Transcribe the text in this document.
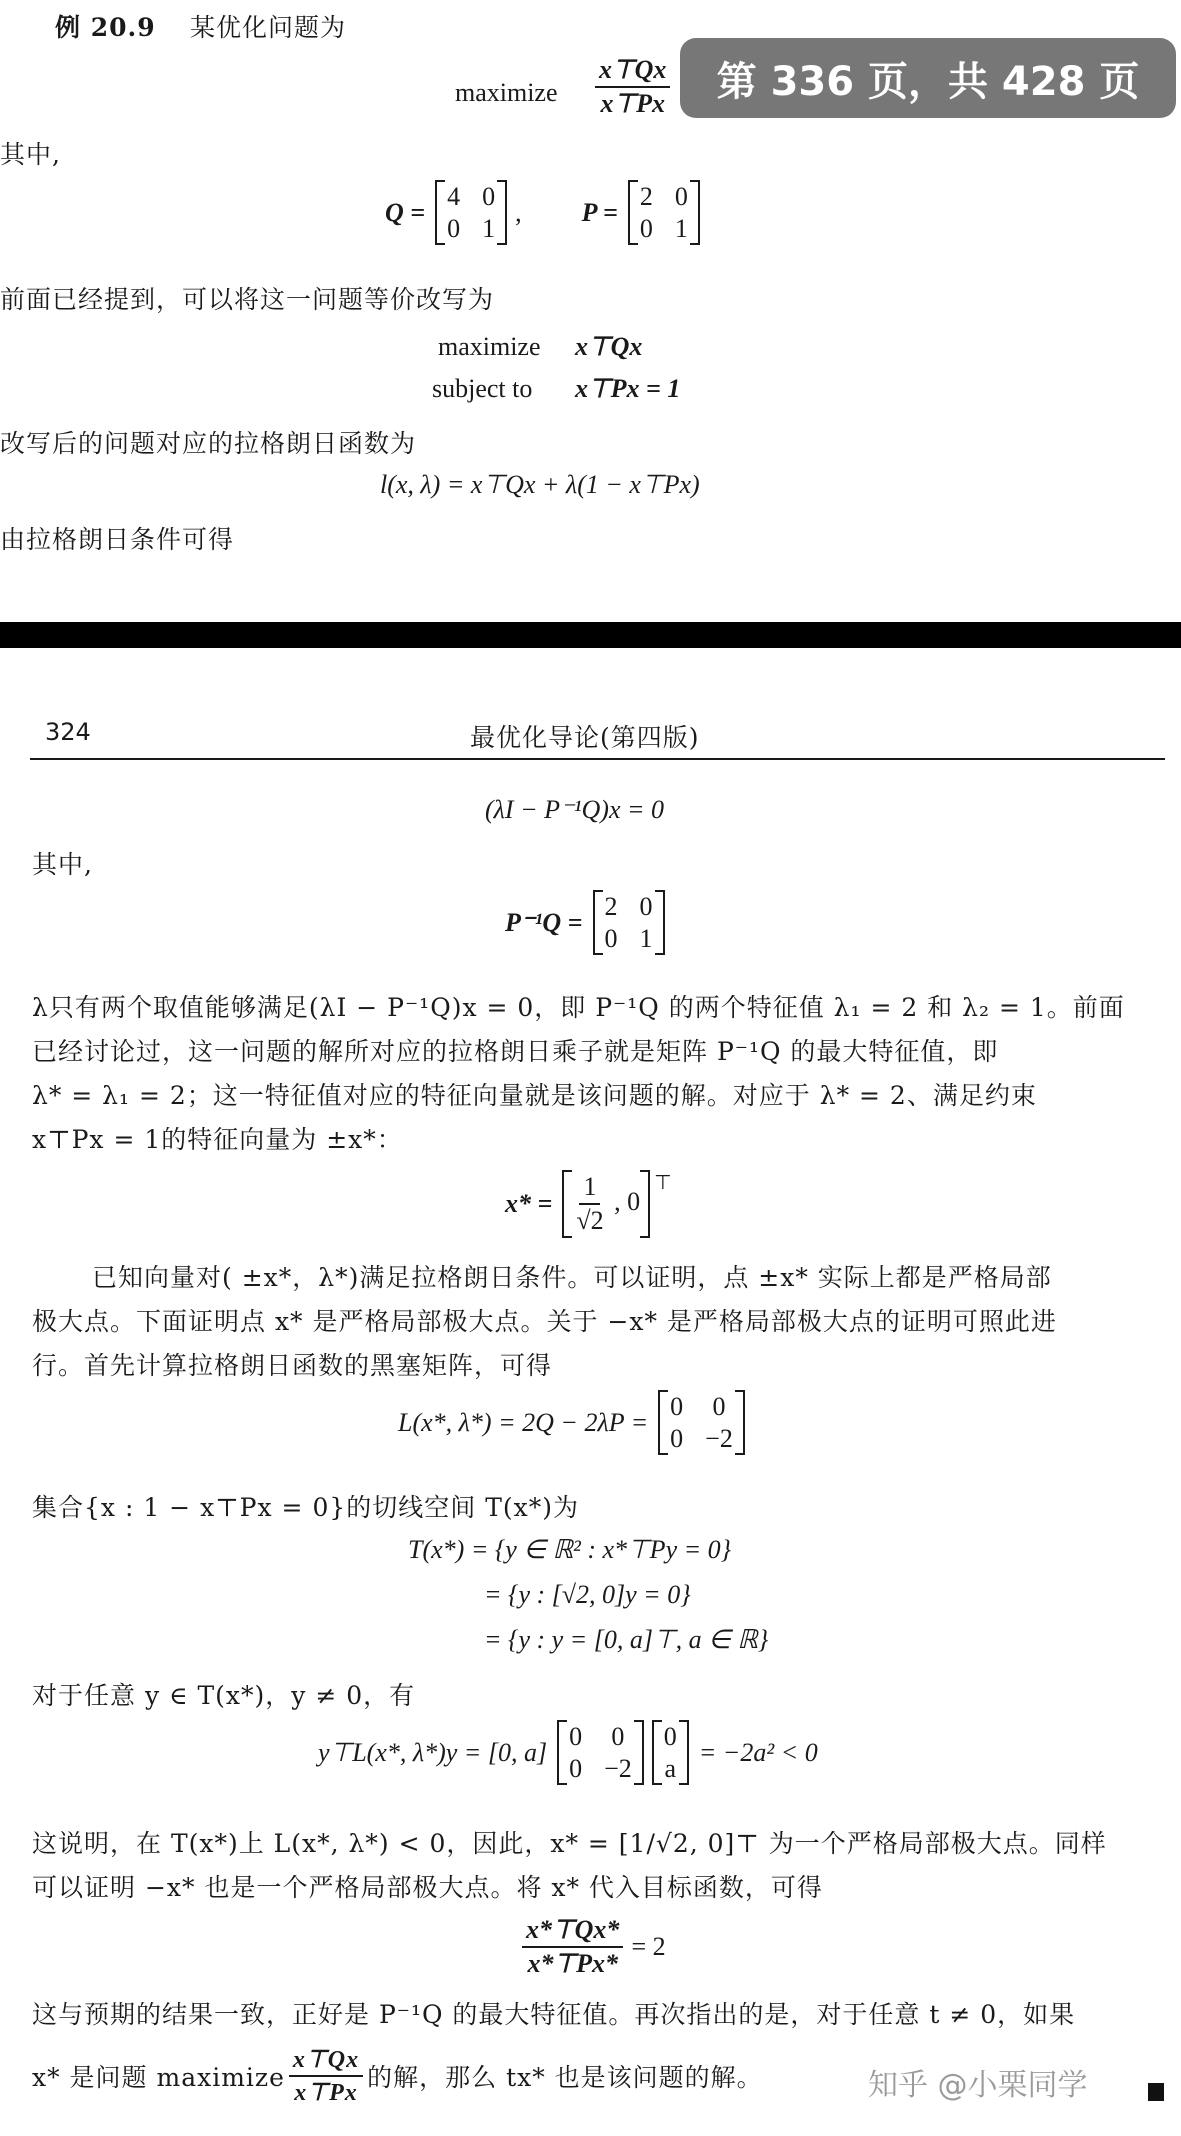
例 20.9 某优化问题为
maximize $\frac{x⊤Qx}{x⊤Px}$ 第 336 页，共 428 页
其中,
Q =
4 0
0 1
, P =
2 0
0 1
前面已经提到，可以将这一问题等价改写为
maximize x⊤Qx
subject to x⊤Px = 1
改写后的问题对应的拉格朗日函数为
l(x, λ) = x⊤Qx + λ(1 − x⊤Px)
由拉格朗日条件可得
324	最优化导论(第四版)
(λI − P⁻¹Q)x = 0
其中,
P⁻¹Q =
2 0
0 1
λ只有两个取值能够满足(λI − P⁻¹Q)x = 0，即 P⁻¹Q 的两个特征值 λ₁ = 2 和 λ₂ = 1。前面
已经讨论过，这一问题的解所对应的拉格朗日乘子就是矩阵 P⁻¹Q 的最大特征值，即
λ* = λ₁ = 2；这一特征值对应的特征向量就是该问题的解。对应于 λ* = 2、满足约束
x⊤Px = 1的特征向量为 ±x*：
$x* = \frac{1}{√2}$ , 0
⊤
已知向量对( ±x*，λ*)满足拉格朗日条件。可以证明，点 ±x* 实际上都是严格局部
极大点。下面证明点 x* 是严格局部极大点。关于 −x* 是严格局部极大点的证明可照此进
行。首先计算拉格朗日函数的黑塞矩阵，可得
L(x*, λ*) = 2Q − 2λP =
0 0
0 −2
集合{x : 1 − x⊤Px = 0}的切线空间 T(x*)为
T(x*) = {y ∈ ℝ² : x*⊤Py = 0}
= {y : [√2, 0]y = 0}
= {y : y = [0, a]⊤, a ∈ ℝ}
对于任意 y ∈ T(x*)，y ≠ 0，有
y⊤L(x*, λ*)y = [0, a]
0 0
0 −2
0
a
= −2a² < 0
这说明，在 T(x*)上 L(x*, λ*) < 0，因此，x* = [1/√2, 0]⊤ 为一个严格局部极大点。同样
可以证明 −x* 也是一个严格局部极大点。将 x* 代入目标函数，可得
$\frac{x*⊤Qx*}{x*⊤Px*} = 2$
这与预期的结果一致，正好是 P⁻¹Q 的最大特征值。再次指出的是，对于任意 t ≠ 0，如果
x* 是问题 maximize $\frac{x⊤Qx}{x⊤Px}$ 的解，那么 tx* 也是该问题的解。	知乎 @小栗同学
